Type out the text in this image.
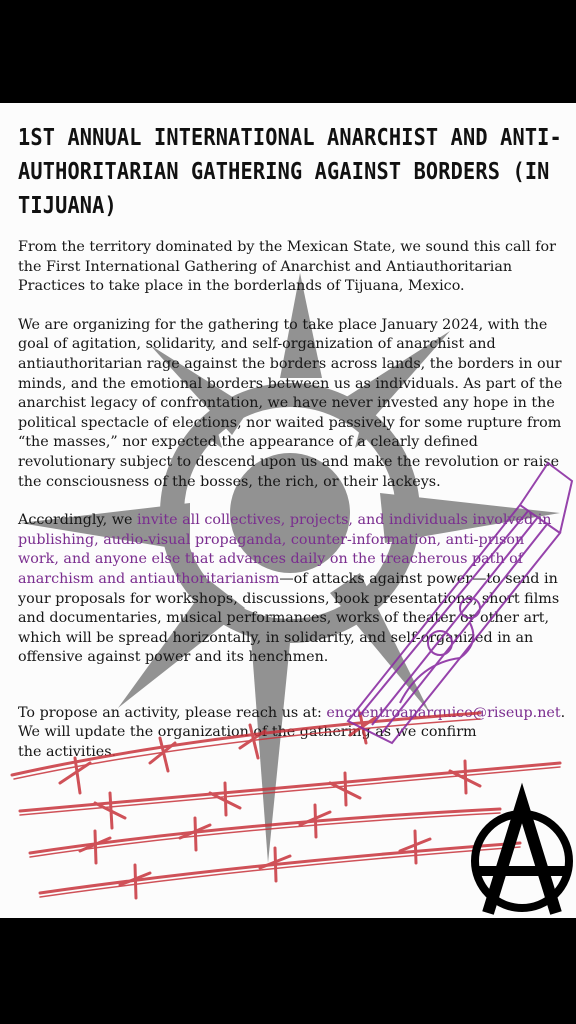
1ST ANNUAL INTERNATIONAL ANARCHIST AND ANTI-AUTHORITARIAN GATHERING AGAINST BORDERS (IN TIJUANA)

From the territory dominated by the Mexican State, we sound this call for the First International Gathering of Anarchist and Antiauthoritarian Practices to take place in the borderlands of Tijuana, Mexico.

We are organizing for the gathering to take place January 2024, with the goal of agitation, solidarity, and self-organization of anarchist and antiauthoritarian rage against the borders across lands, the borders in our minds, and the emotional borders between us as individuals. As part of the anarchist legacy of confrontation, we have never invested any hope in the political spectacle of elections, nor waited passively for some rupture from “the masses,” nor expected the appearance of a clearly defined revolutionary subject to descend upon us and make the revolution or raise the consciousness of the bosses, the rich, or their lackeys.

Accordingly, we invite all collectives, projects, and individuals involved in publishing, audio-visual propaganda, counter-information, anti-prison work, and anyone else that advances daily on the treacherous path of anarchism and antiauthoritarianism—of attacks against power—to send in your proposals for workshops, discussions, book presentations, short films and documentaries, musical performances, works of theater or other art, which will be spread horizontally, in solidarity, and self-organized in an offensive against power and its henchmen.

To propose an activity, please reach us at: encuentroanarquico@riseup.net.

We will update the organization of the gathering as we confirm the activities.
